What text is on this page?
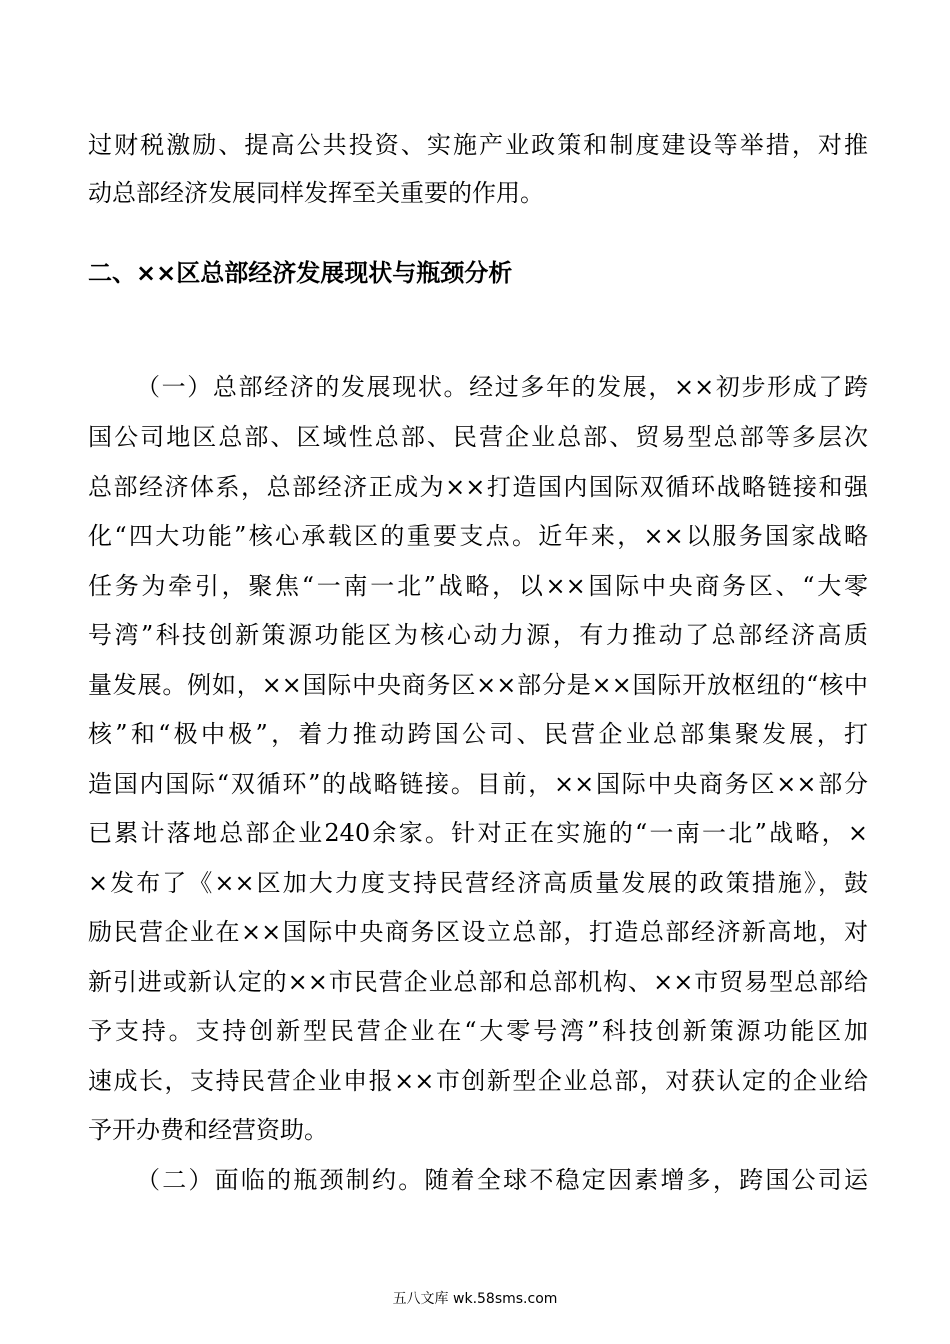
过财税激励、提高公共投资、实施产业政策和制度建设等举措，对推
动总部经济发展同样发挥至关重要的作用。
二、××区总部经济发展现状与瓶颈分析
（一）总部经济的发展现状。经过多年的发展，××初步形成了跨
国公司地区总部、区域性总部、民营企业总部、贸易型总部等多层次
总部经济体系，总部经济正成为××打造国内国际双循环战略链接和强
化“四大功能”核心承载区的重要支点。近年来，××以服务国家战略
任务为牵引，聚焦“一南一北”战略，以××国际中央商务区、“大零
号湾”科技创新策源功能区为核心动力源，有力推动了总部经济高质
量发展。例如，××国际中央商务区××部分是××国际开放枢纽的“核中
核”和“极中极”，着力推动跨国公司、民营企业总部集聚发展，打
造国内国际“双循环”的战略链接。目前，××国际中央商务区××部分
已累计落地总部企业240余家。针对正在实施的“一南一北”战略，×
×发布了《××区加大力度支持民营经济高质量发展的政策措施》，鼓
励民营企业在××国际中央商务区设立总部，打造总部经济新高地，对
新引进或新认定的××市民营企业总部和总部机构、××市贸易型总部给
予支持。支持创新型民营企业在“大零号湾”科技创新策源功能区加
速成长，支持民营企业申报××市创新型企业总部，对获认定的企业给
予开办费和经营资助。
（二）面临的瓶颈制约。随着全球不稳定因素增多，跨国公司运
五八文库 wk.58sms.com
